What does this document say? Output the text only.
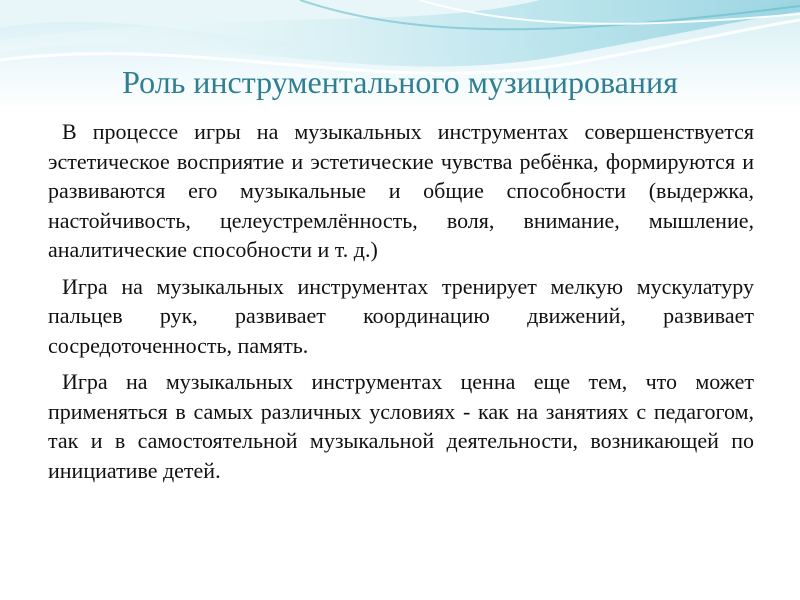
Роль инструментального музицирования

В процессе игры на музыкальных инструментах совершенствуется эстетическое восприятие и эстетические чувства ребёнка, формируются и развиваются его музыкальные и общие способности (выдержка, настойчивость, целеустремлённость, воля, внимание, мышление, аналитические способности и т. д.)

Игра на музыкальных инструментах тренирует мелкую мускулатуру пальцев рук, развивает координацию движений, развивает сосредоточенность, память.

Игра на музыкальных инструментах ценна еще тем, что может применяться в самых различных условиях - как на занятиях с педагогом, так и в самостоятельной музыкальной деятельности, возникающей по инициативе детей.
